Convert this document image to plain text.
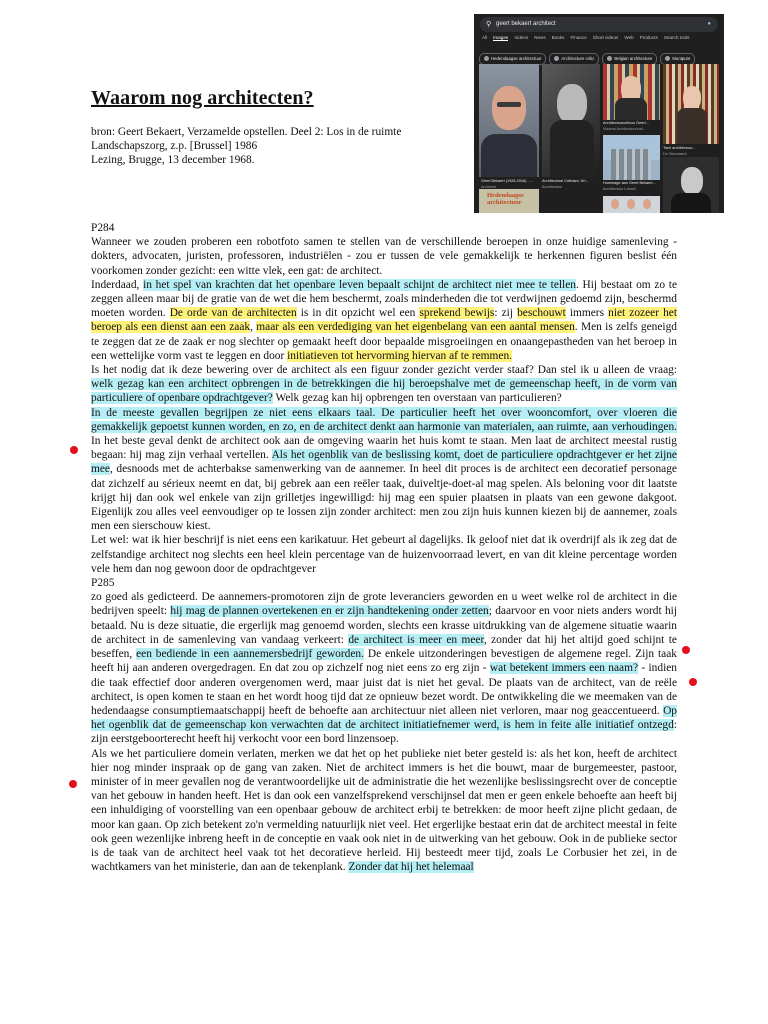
Waarom nog architecten?
bron: Geert Bekaert, Verzamelde opstellen. Deel 2: Los in de ruimte
Landschapszorg, z.p. [Brussel] 1986
Lezing, Brugge, 13 december 1968.

P284

Wanneer we zouden proberen een robotfoto samen te stellen van de verschillende beroepen in onze huidige samenleving - dokters, advocaten, juristen, professoren, industriëlen - zou er tussen de vele gemakkelijk te herkennen figuren beslist één voorkomen zonder gezicht: een witte vlek, een gat: de architect.

Inderdaad, in het spel van krachten dat het openbare leven bepaalt schijnt de architect niet mee te tellen. Hij bestaat om zo te zeggen alleen maar bij de gratie van de wet die hem beschermt, zoals minderheden die tot verdwijnen gedoemd zijn, beschermd moeten worden. De orde van de architecten is in dit opzicht wel een sprekend bewijs: zij beschouwt immers niet zozeer het beroep als een dienst aan een zaak, maar als een verdediging van het eigenbelang van een aantal mensen. Men is zelfs geneigd te zeggen dat ze de zaak er nog slechter op gemaakt heeft door bepaalde misgroeiingen en onaangepastheden van het beroep in een wettelijke vorm vast te leggen en door initiatieven tot hervorming hiervan af te remmen.

Is het nodig dat ik deze bewering over de architect als een figuur zonder gezicht verder staaf? Dan stel ik u alleen de vraag: welk gezag kan een architect opbrengen in de betrekkingen die hij beroepshalve met de gemeenschap heeft, in de vorm van particuliere of openbare opdrachtgever? Welk gezag kan hij opbrengen ten overstaan van particulieren?

In de meeste gevallen begrijpen ze niet eens elkaars taal. De particulier heeft het over wooncomfort, over vloeren die gemakkelijk gepoetst kunnen worden, en zo, en de architect denkt aan harmonie van materialen, aan ruimte, aan verhoudingen. In het beste geval denkt de architect ook aan de omgeving waarin het huis komt te staan. Men laat de architect meestal rustig begaan: hij mag zijn verhaal vertellen. Als het ogenblik van de beslissing komt, doet de particuliere opdrachtgever er het zijne mee, desnoods met de achterbakse samenwerking van de aannemer. In heel dit proces is de architect een decoratief personage dat zichzelf au sérieux neemt en dat, bij gebrek aan een reëler taak, duiveltje-doet-al mag spelen. Als beloning voor dit laatste krijgt hij dan ook wel enkele van zijn grilletjes ingewilligd: hij mag een spuier plaatsen in plaats van een gewone dakgoot. Eigenlijk zou alles veel eenvoudiger op te lossen zijn zonder architect: men zou zijn huis kunnen kiezen bij de aannemer, zoals men een sierschouw kiest.

Let wel: wat ik hier beschrijf is niet eens een karikatuur. Het gebeurt al dagelijks. Ik geloof niet dat ik overdrijf als ik zeg dat de zelfstandige architect nog slechts een heel klein percentage van de huizenvoorraad levert, en van dit kleine percentage worden vele hem dan nog gewoon door de opdrachtgever

P285

zo goed als gedicteerd. De aannemers-promotoren zijn de grote leveranciers geworden en u weet welke rol de architect in die bedrijven speelt: hij mag de plannen overtekenen en er zijn handtekening onder zetten; daarvoor en voor niets anders wordt hij betaald. Nu is deze situatie, die ergerlijk mag genoemd worden, slechts een krasse uitdrukking van de algemene situatie waarin de architect in de samenleving van vandaag verkeert: de architect is meer en meer, zonder dat hij het altijd goed schijnt te beseffen, een bediende in een aannemersbedrijf geworden. De enkele uitzonderingen bevestigen de algemene regel. Zijn taak heeft hij aan anderen overgedragen. En dat zou op zichzelf nog niet eens zo erg zijn - wat betekent immers een naam? - indien die taak effectief door anderen overgenomen werd, maar juist dat is niet het geval. De plaats van de architect, van de reële architect, is open komen te staan en het wordt hoog tijd dat ze opnieuw bezet wordt. De ontwikkeling die we meemaken van de hedendaagse consumptiemaatschappij heeft de behoefte aan architectuur niet alleen niet verloren, maar nog geaccentueerd. Op het ogenblik dat de gemeenschap kon verwachten dat de architect initiatiefnemer werd, is hem in feite alle initiatief ontzegd: zijn eerstgeboorterecht heeft hij verkocht voor een bord linzensoep.

Als we het particuliere domein verlaten, merken we dat het op het publieke niet beter gesteld is: als het kon, heeft de architect hier nog minder inspraak op de gang van zaken. Niet de architect immers is het die bouwt, maar de burgemeester, pastoor, minister of in meer gevallen nog de verantwoordelijke uit de administratie die het wezenlijke beslissingsrecht over de conceptie van het gebouw in handen heeft. Het is dan ook een vanzelfsprekend verschijnsel dat men er geen enkele behoefte aan heeft bij een inhuldiging of voorstelling van een openbaar gebouw de architect erbij te betrekken: de moor heeft zijne plicht gedaan, de moor kan gaan. Op zich betekent zo'n vermelding natuurlijk niet veel. Het ergerlijke bestaat erin dat de architect meestal in feite ook geen wezenlijke inbreng heeft in de conceptie en vaak ook niet in de uitwerking van het gebouw. Ook in de publieke sector is de taak van de architect heel vaak tot het decoratieve herleid. Hij besteedt meer tijd, zoals Le Corbusier het zei, in de wachtkamers van het ministerie, dan aan de tekenplank. Zonder dat hij het helemaal

⚲ geert bekaert architect	●
All Images Videos News Books Finance Short videos Web Products Search tools
Hedendaagse architectuur	Architecture critic	Belgian architecture	Muntpunt
Geert Bekaert (1928-2016) - ...
Archined
Architectural Criticism: Kri...
Architecture
Architectuurcriticus Geert...
Vlaams Architectuurinst...
Toen architectuur...
De Standaard
Hommage aan Geert Bekaert...
Architectuur Lokaal
Hedendaagse
architectuur
